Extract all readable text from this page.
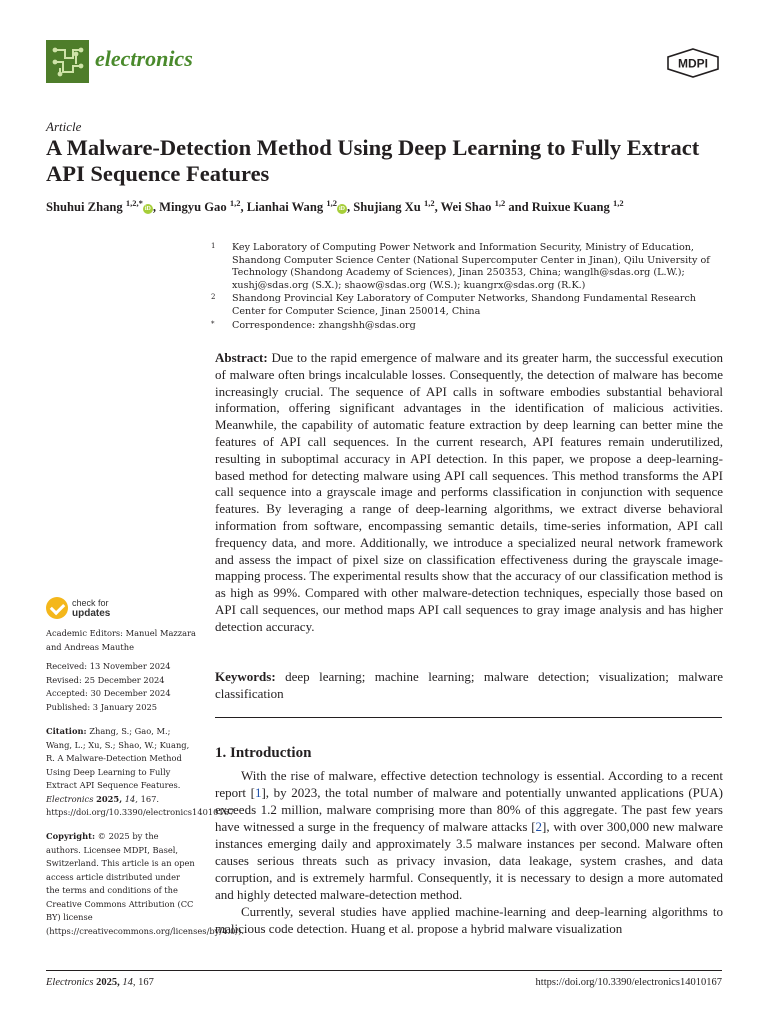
electronics	MDPI
Article
A Malware-Detection Method Using Deep Learning to Fully Extract API Sequence Features
Shuhui Zhang $^{1,2,*}$iD , Mingyu Gao $^{1,2}$, Lianhai Wang $^{1,2}$iD , Shujiang Xu $^{1,2}$, Wei Shao $^{1,2}$ and Ruixue Kuang $^{1,2}$
1 Key Laboratory of Computing Power Network and Information Security, Ministry of Education, Shandong Computer Science Center (National Supercomputer Center in Jinan), Qilu University of Technology (Shandong Academy of Sciences), Jinan 250353, China; wanglh@sdas.org (L.W.); xushj@sdas.org (S.X.); shaow@sdas.org (W.S.); kuangrx@sdas.org (R.K.)
2 Shandong Provincial Key Laboratory of Computer Networks, Shandong Fundamental Research Center for Computer Science, Jinan 250014, China
* Correspondence: zhangshh@sdas.org
Abstract: Due to the rapid emergence of malware and its greater harm, the successful execution of malware often brings incalculable losses. Consequently, the detection of malware has become increasingly crucial. The sequence of API calls in software embodies substantial behavioral information, offering significant advantages in the identification of malicious activities. Meanwhile, the capability of automatic feature extraction by deep learning can better mine the features of API call sequences. In the current research, API features remain underutilized, resulting in suboptimal accuracy in API detection. In this paper, we propose a deep-learning-based method for detecting malware using API call sequences. This method transforms the API call sequence into a grayscale image and performs classification in conjunction with sequence features. By leveraging a range of deep-learning algorithms, we extract diverse behavioral information from software, encompassing semantic details, time-series information, API call frequency data, and more. Additionally, we introduce a specialized neural network framework and assess the impact of pixel size on classification effectiveness during the grayscale image-mapping process. The experimental results show that the accuracy of our classification method is as high as 99%. Compared with other malware-detection techniques, especially those based on API call sequences, our method maps API call sequences to gray image analysis and has higher detection accuracy.
Keywords: deep learning; machine learning; malware detection; visualization; malware classification
1. Introduction

With the rise of malware, effective detection technology is essential. According to a recent report [1], by 2023, the total number of malware and potentially unwanted applications (PUA) exceeds 1.2 million, malware comprising more than 80% of this aggregate. The past few years have witnessed a surge in the frequency of malware attacks [2], with over 300,000 new malware instances emerging daily and approximately 3.5 malware instances per second. Malware often causes serious threats such as privacy invasion, data leakage, system crashes, and data corruption, and is extremely harmful. Consequently, it is necessary to design a more automated and highly detected malware-detection method.

Currently, several studies have applied machine-learning and deep-learning algorithms to malicious code detection. Huang et al. propose a hybrid malware visualization

check for
updates
Academic Editors: Manuel Mazzara and Andreas Mauthe
Received: 13 November 2024
Revised: 25 December 2024
Accepted: 30 December 2024
Published: 3 January 2025
Citation: Zhang, S.; Gao, M.; Wang, L.; Xu, S.; Shao, W.; Kuang, R. A Malware-Detection Method Using Deep Learning to Fully Extract API Sequence Features. Electronics 2025, 14, 167. https://doi.org/10.3390/electronics14010167
Copyright: © 2025 by the authors. Licensee MDPI, Basel, Switzerland. This article is an open access article distributed under the terms and conditions of the Creative Commons Attribution (CC BY) license (https://creativecommons.org/licenses/by/4.0/).
Electronics 2025, 14, 167	https://doi.org/10.3390/electronics14010167
